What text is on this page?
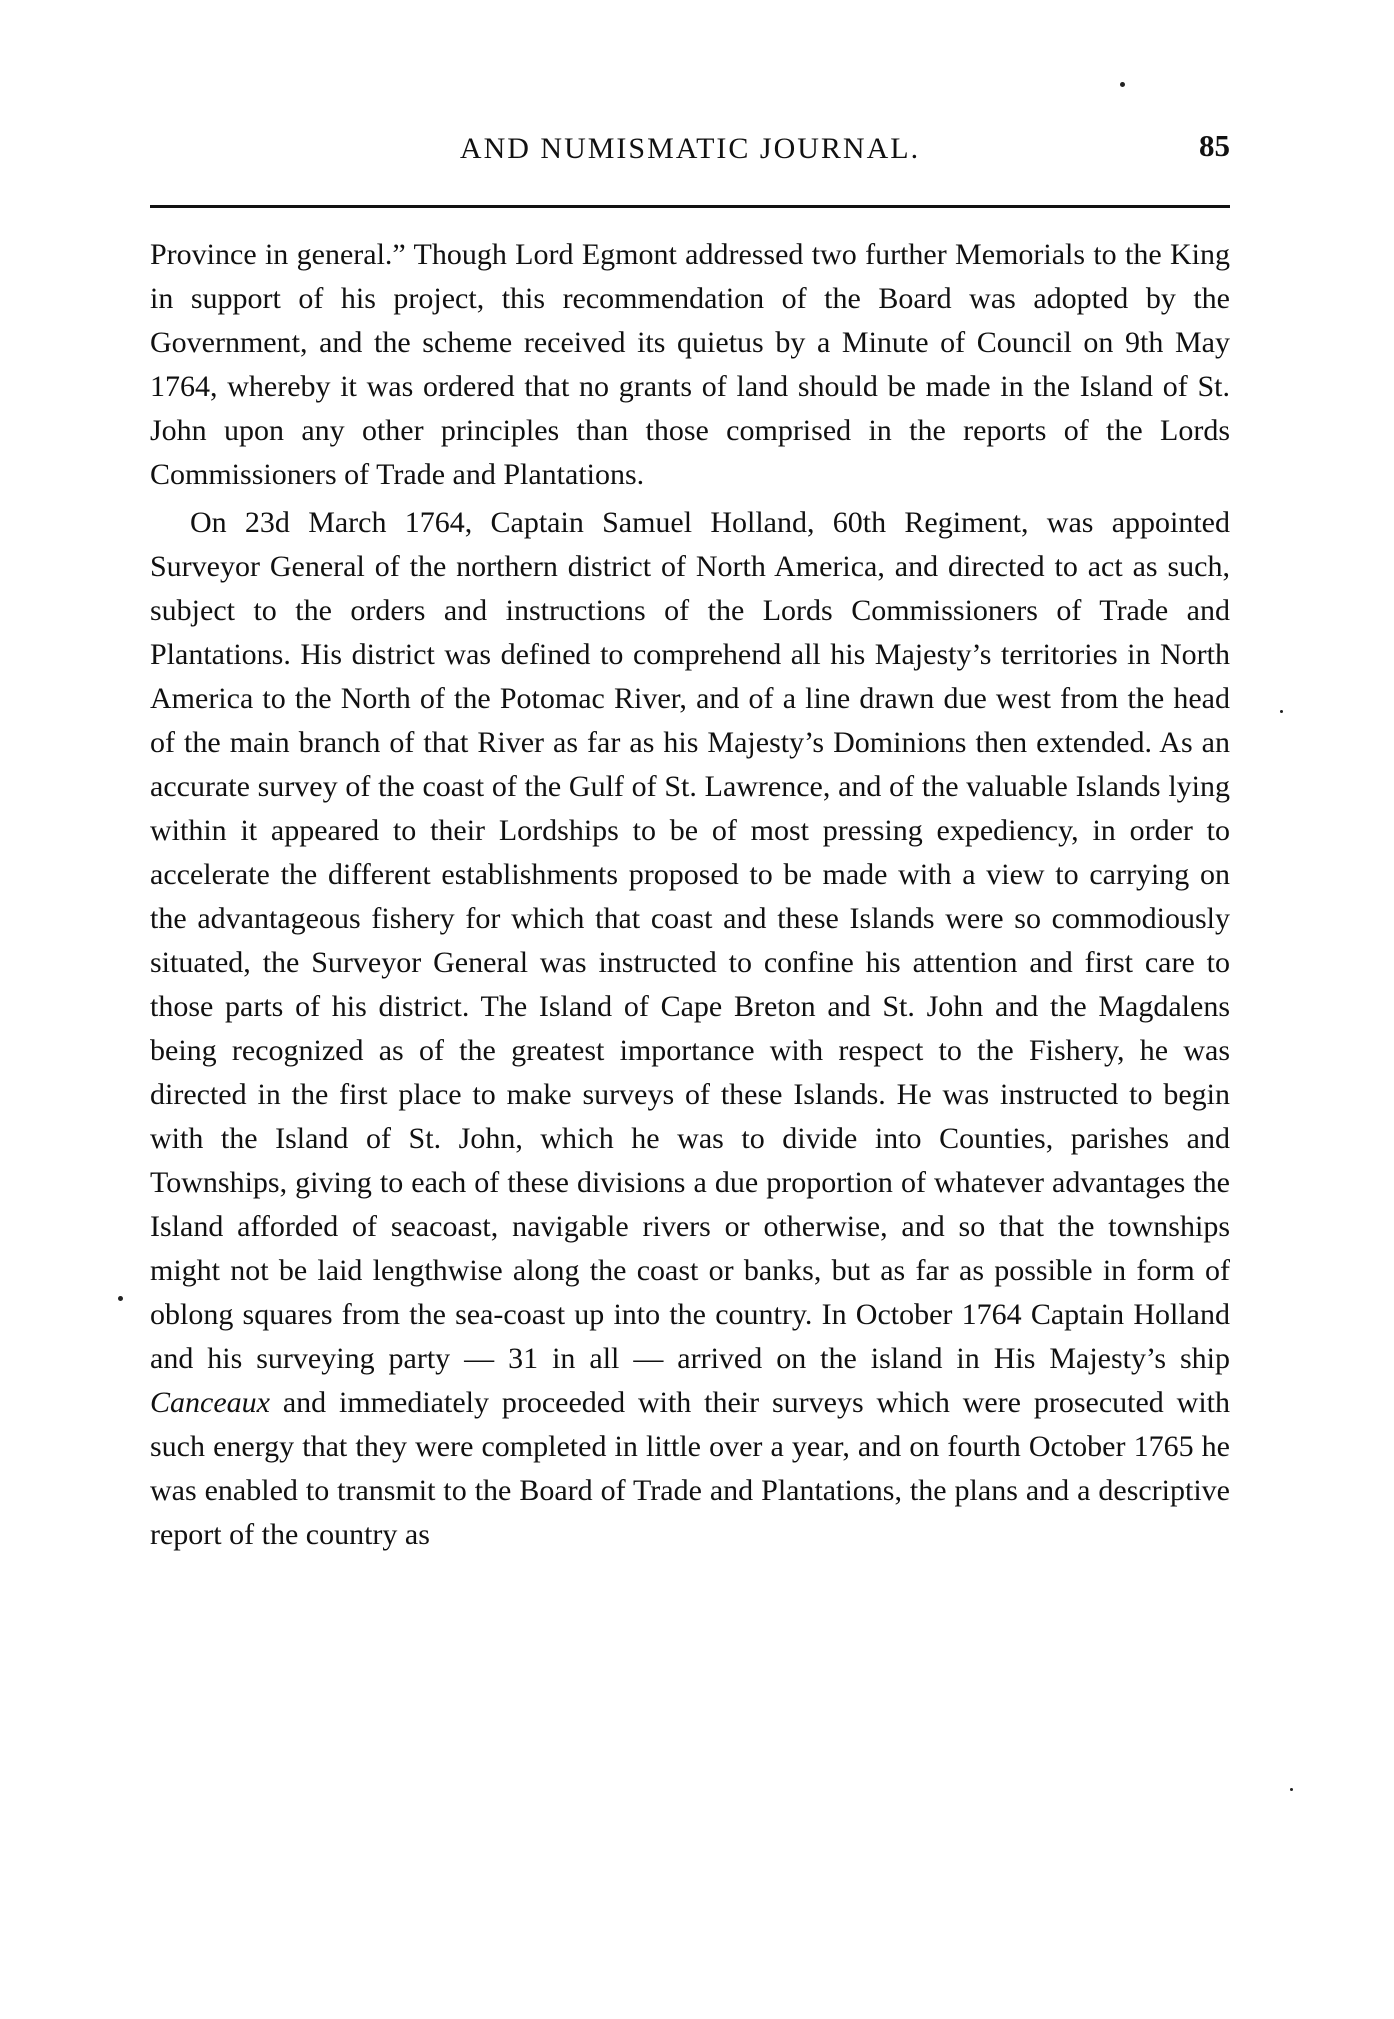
AND NUMISMATIC JOURNAL.	85

Province in general.” Though Lord Egmont addressed two further Memorials to the King in support of his project, this recommendation of the Board was adopted by the Government, and the scheme received its quietus by a Minute of Council on 9th May 1764, whereby it was ordered that no grants of land should be made in the Island of St. John upon any other principles than those comprised in the reports of the Lords Commissioners of Trade and Plantations.

On 23d March 1764, Captain Samuel Holland, 60th Regiment, was appointed Surveyor General of the northern district of North America, and directed to act as such, subject to the orders and instructions of the Lords Commissioners of Trade and Plantations. His district was defined to comprehend all his Majesty’s territories in North America to the North of the Potomac River, and of a line drawn due west from the head of the main branch of that River as far as his Majesty’s Dominions then extended. As an accurate survey of the coast of the Gulf of St. Lawrence, and of the valuable Islands lying within it appeared to their Lordships to be of most pressing expediency, in order to accelerate the different establishments proposed to be made with a view to carrying on the advantageous fishery for which that coast and these Islands were so commodiously situated, the Surveyor General was instructed to confine his attention and first care to those parts of his district. The Island of Cape Breton and St. John and the Magdalens being recognized as of the greatest importance with respect to the Fishery, he was directed in the first place to make surveys of these Islands. He was instructed to begin with the Island of St. John, which he was to divide into Counties, parishes and Townships, giving to each of these divisions a due proportion of whatever advantages the Island afforded of seacoast, navigable rivers or otherwise, and so that the townships might not be laid lengthwise along the coast or banks, but as far as possible in form of oblong squares from the sea-coast up into the country. In October 1764 Captain Holland and his surveying party — 31 in all — arrived on the island in His Majesty’s ship Canceaux and immediately proceeded with their surveys which were prosecuted with such energy that they were completed in little over a year, and on fourth October 1765 he was enabled to transmit to the Board of Trade and Plantations, the plans and a descriptive report of the country as
